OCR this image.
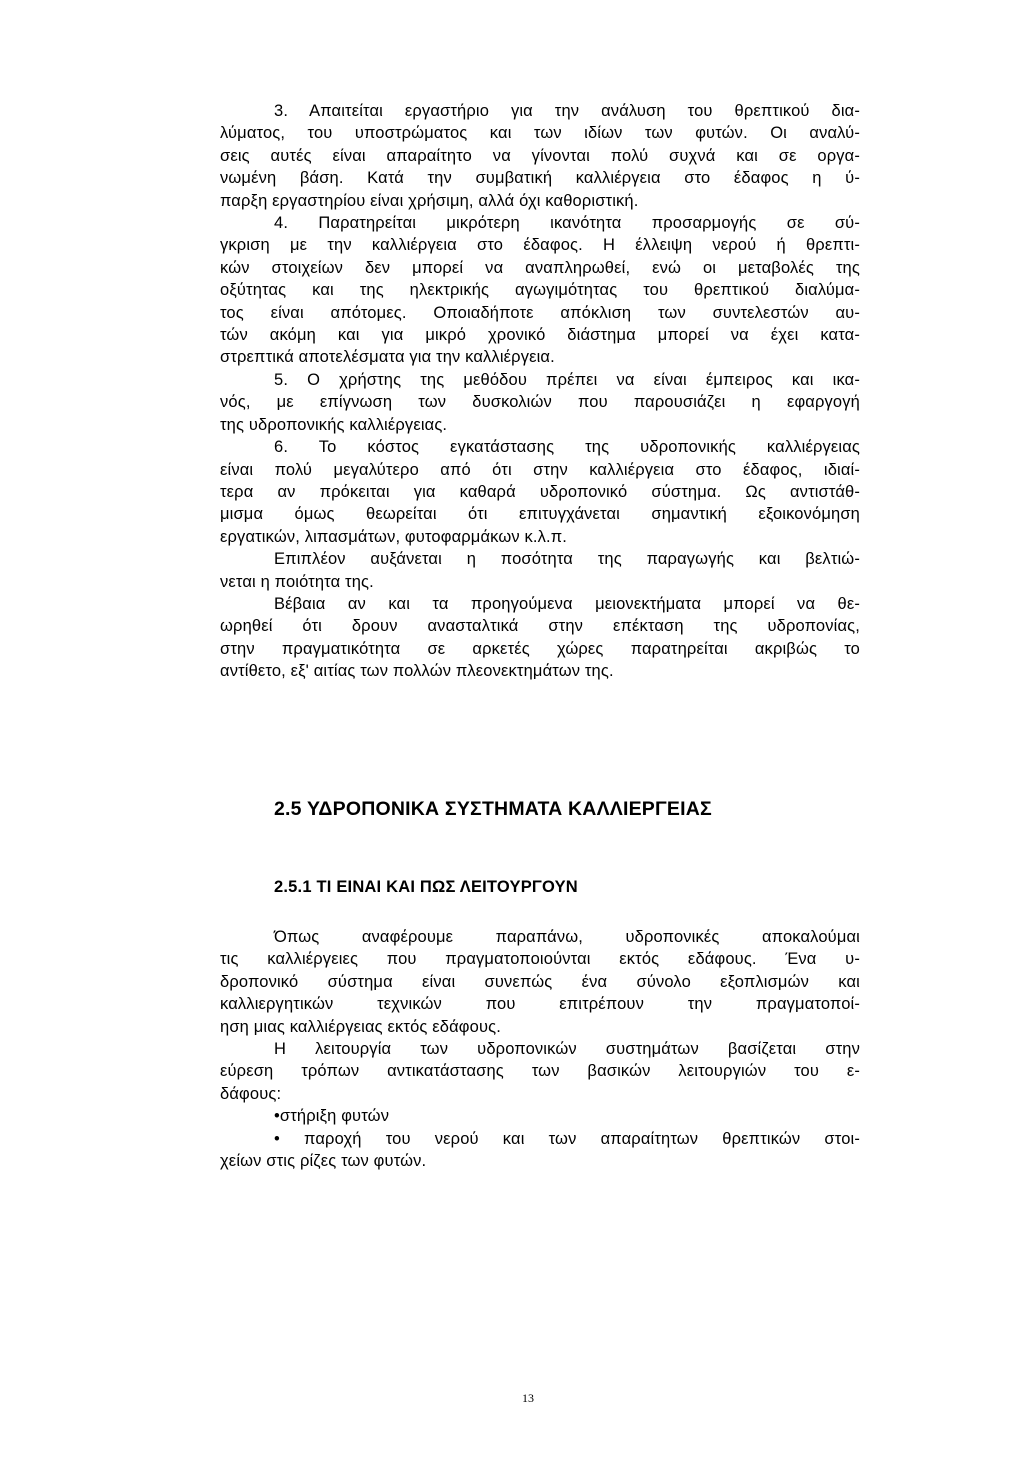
3. Απαιτείται εργαστήριο για την ανάλυση του θρεπτικού δια-

λύματος, του υποστρώματος και των ιδίων των φυτών. Οι αναλύ-

σεις αυτές είναι απαραίτητο να γίνονται πολύ συχνά και σε οργα-

νωμένη βάση. Κατά την συμβατική καλλιέργεια στο έδαφος η ύ-

παρξη εργαστηρίου είναι χρήσιμη, αλλά όχι καθοριστική.

4. Παρατηρείται μικρότερη ικανότητα προσαρμογής σε σύ-

γκριση με την καλλιέργεια στο έδαφος. Η έλλειψη νερού ή θρεπτι-

κών στοιχείων δεν μπορεί να αναπληρωθεί, ενώ οι μεταβολές της

οξύτητας και της ηλεκτρικής αγωγιμότητας του θρεπτικού διαλύμα-

τος είναι απότομες. Οποιαδήποτε απόκλιση των συντελεστών αυ-

τών ακόμη και για μικρό χρονικό διάστημα μπορεί να έχει κατα-

στρεπτικά αποτελέσματα για την καλλιέργεια.

5. Ο χρήστης της μεθόδου πρέπει να είναι έμπειρος και ικα-

νός, με επίγνωση των δυσκολιών που παρουσιάζει η εφαργογή

της υδροπονικής καλλιέργειας.

6. Το κόστος εγκατάστασης της υδροπονικής καλλιέργειας

είναι πολύ μεγαλύτερο από ότι στην καλλιέργεια στο έδαφος, ιδιαί-

τερα αν πρόκειται για καθαρά υδροπονικό σύστημα. Ως αντιστάθ-

μισμα όμως θεωρείται ότι επιτυγχάνεται σημαντική εξοικονόμηση

εργατικών, λιπασμάτων, φυτοφαρμάκων κ.λ.π.

Επιπλέον αυξάνεται η ποσότητα της παραγωγής και βελτιώ-

νεται η ποιότητα της.

Βέβαια αν και τα προηγούμενα μειονεκτήματα μπορεί να θε-

ωρηθεί ότι δρουν ανασταλτικά στην επέκταση της υδροπονίας,

στην πραγματικότητα σε αρκετές χώρες παρατηρείται ακριβώς το

αντίθετο, εξ' αιτίας των πολλών πλεονεκτημάτων της.

2.5 ΥΔΡΟΠΟΝΙΚΑ ΣΥΣΤΗΜΑΤΑ ΚΑΛΛΙΕΡΓΕΙΑΣ
2.5.1 ΤΙ ΕΙΝΑΙ ΚΑΙ ΠΩΣ ΛΕΙΤΟΥΡΓΟΥΝ

Όπως αναφέρουμε παραπάνω, υδροπονικές αποκαλούμαι

τις καλλιέργειες που πραγματοποιούνται εκτός εδάφους. Ένα υ-

δροπονικό σύστημα είναι συνεπώς ένα σύνολο εξοπλισμών και

καλλιεργητικών τεχνικών που επιτρέπουν την πραγματοποί-

ηση μιας καλλιέργειας εκτός εδάφους.

Η λειτουργία των υδροπονικών συστημάτων βασίζεται στην

εύρεση τρόπων αντικατάστασης των βασικών λειτουργιών του ε-

δάφους:

•στήριξη φυτών

• παροχή του νερού και των απαραίτητων θρεπτικών στοι-

χείων στις ρίζες των φυτών.

13
